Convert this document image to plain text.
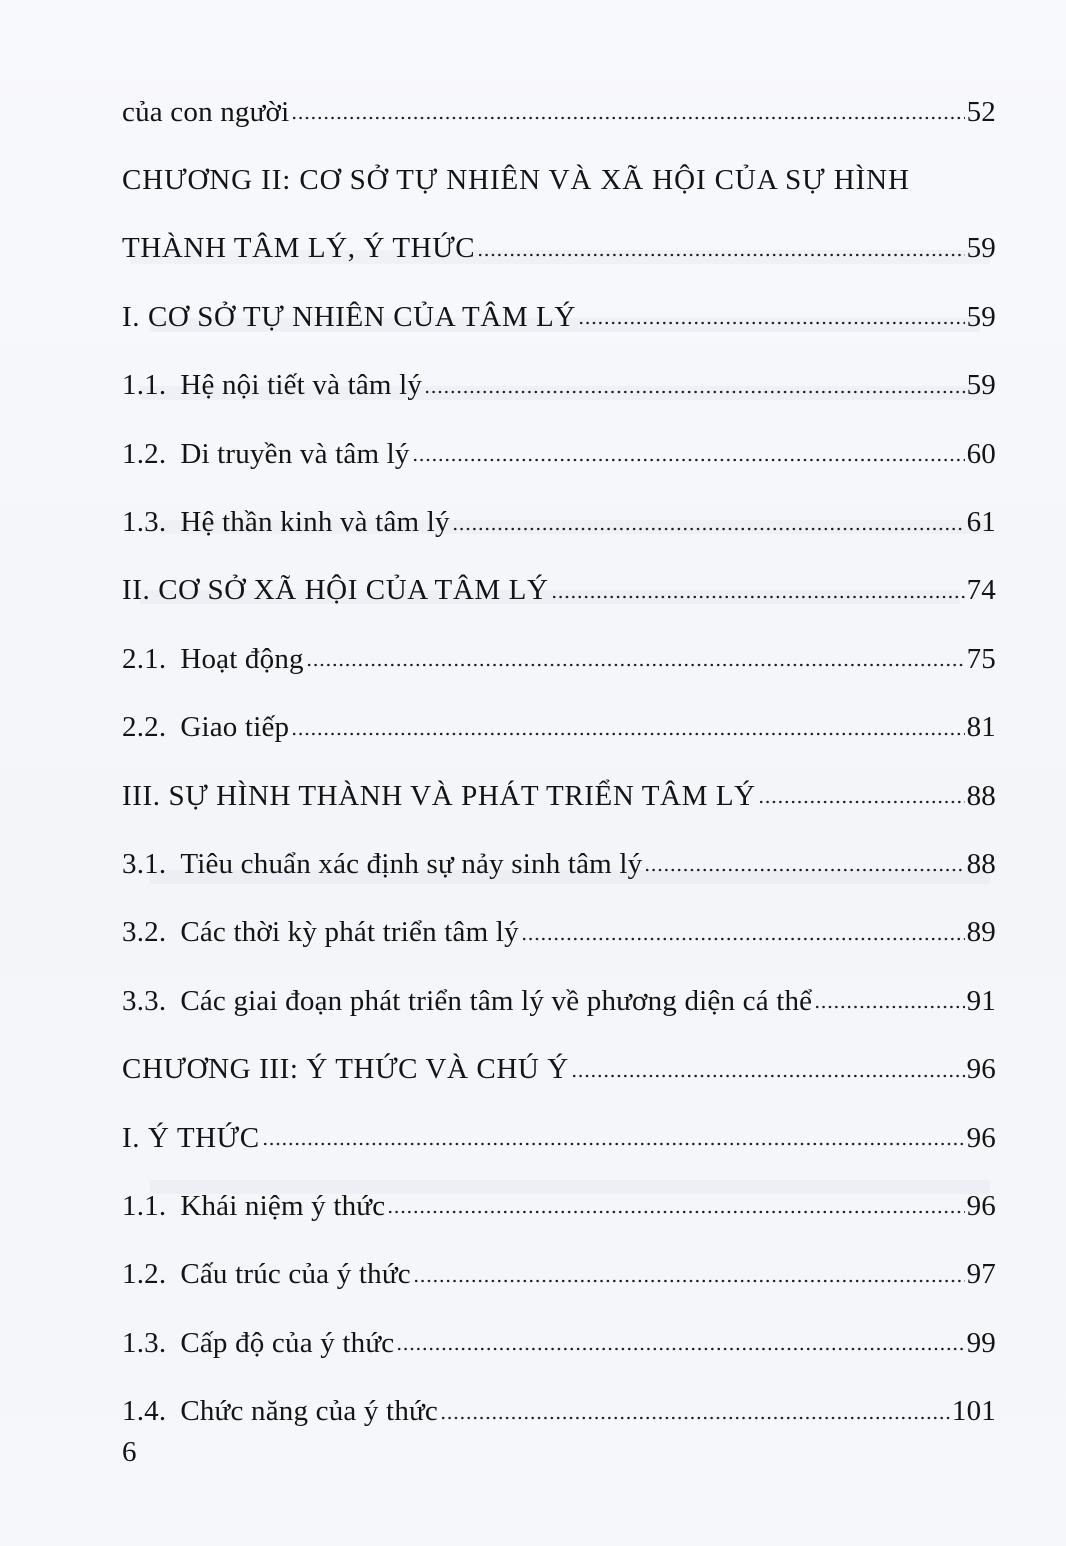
của con người	52
CHƯƠNG II: CƠ SỞ TỰ NHIÊN VÀ XÃ HỘI CỦA SỰ HÌNH
THÀNH TÂM LÝ, Ý THỨC	59
I. CƠ SỞ TỰ NHIÊN CỦA TÂM LÝ	59
1.1. Hệ nội tiết và tâm lý	59
1.2. Di truyền và tâm lý	60
1.3. Hệ thần kinh và tâm lý	61
II. CƠ SỞ XÃ HỘI CỦA TÂM LÝ	74
2.1. Hoạt động	75
2.2. Giao tiếp	81
III. SỰ HÌNH THÀNH VÀ PHÁT TRIỂN TÂM LÝ	88
3.1. Tiêu chuẩn xác định sự nảy sinh tâm lý	88
3.2. Các thời kỳ phát triển tâm lý	89
3.3. Các giai đoạn phát triển tâm lý về phương diện cá thể	91
CHƯƠNG III: Ý THỨC VÀ CHÚ Ý	96
I. Ý THỨC	96
1.1. Khái niệm ý thức	96
1.2. Cấu trúc của ý thức	97
1.3. Cấp độ của ý thức	99
1.4. Chức năng của ý thức	101
6
